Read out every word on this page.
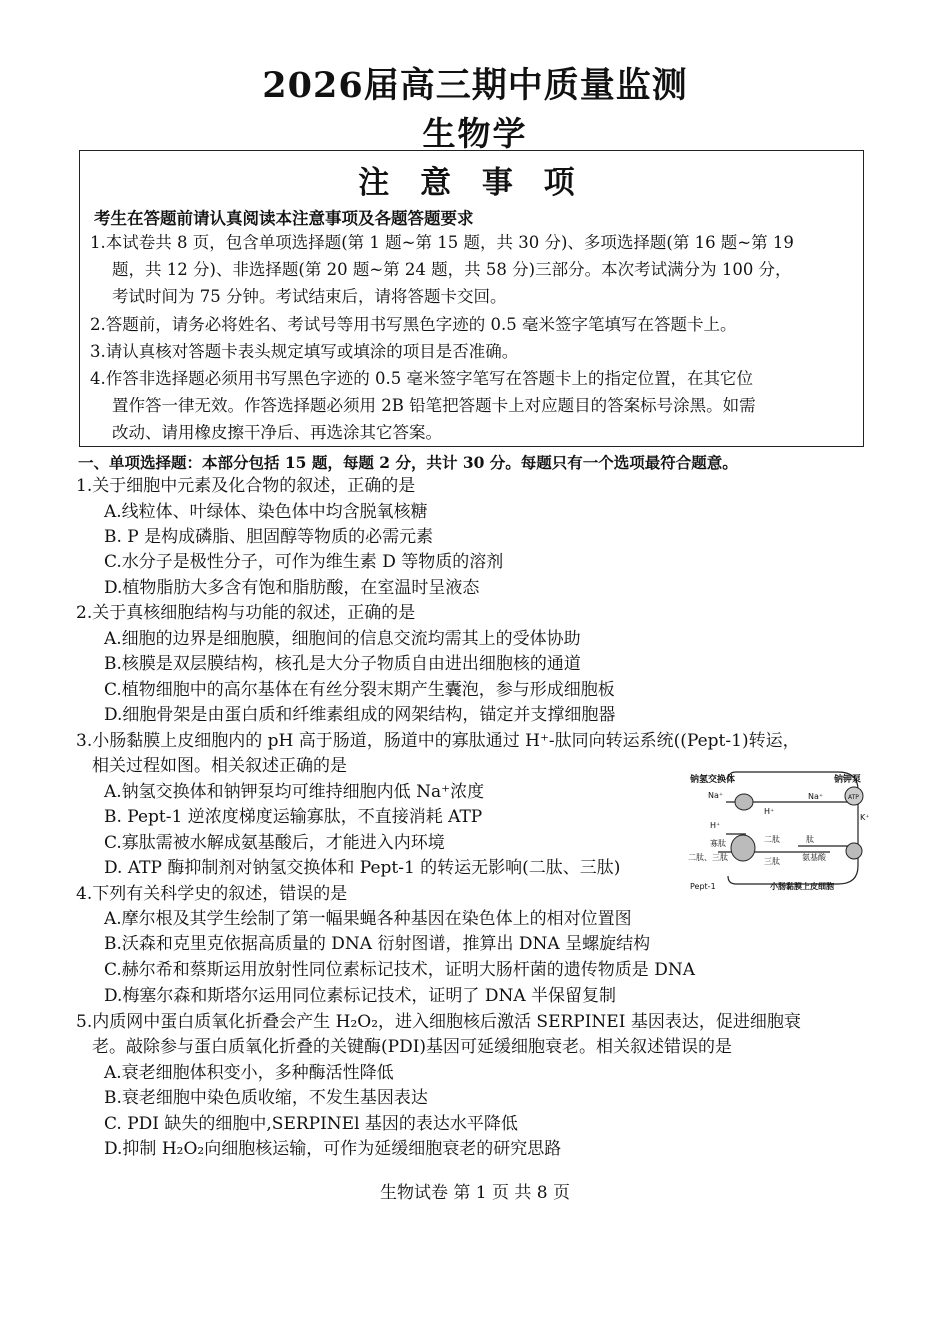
2026届高三期中质量监测
生物学
注 意 事 项
考生在答题前请认真阅读本注意事项及各题答题要求
1.本试卷共 8 页，包含单项选择题(第 1 题~第 15 题，共 30 分)、多项选择题(第 16 题~第 19
题，共 12 分)、非选择题(第 20 题~第 24 题，共 58 分)三部分。本次考试满分为 100 分，
考试时间为 75 分钟。考试结束后，请将答题卡交回。
2.答题前，请务必将姓名、考试号等用书写黑色字迹的 0.5 毫米签字笔填写在答题卡上。
3.请认真核对答题卡表头规定填写或填涂的项目是否准确。
4.作答非选择题必须用书写黑色字迹的 0.5 毫米签字笔写在答题卡上的指定位置，在其它位
置作答一律无效。作答选择题必须用 2B 铅笔把答题卡上对应题目的答案标号涂黑。如需
改动、请用橡皮擦干净后、再选涂其它答案。
一、单项选择题：本部分包括 15 题，每题 2 分，共计 30 分。每题只有一个选项最符合题意。
1.关于细胞中元素及化合物的叙述，正确的是
A.线粒体、叶绿体、染色体中均含脱氧核糖
B. P 是构成磷脂、胆固醇等物质的必需元素
C.水分子是极性分子，可作为维生素 D 等物质的溶剂
D.植物脂肪大多含有饱和脂肪酸，在室温时呈液态
2.关于真核细胞结构与功能的叙述，正确的是
A.细胞的边界是细胞膜，细胞间的信息交流均需其上的受体协助
B.核膜是双层膜结构，核孔是大分子物质自由进出细胞核的通道
C.植物细胞中的高尔基体在有丝分裂末期产生囊泡，参与形成细胞板
D.细胞骨架是由蛋白质和纤维素组成的网架结构，锚定并支撑细胞器
3.小肠黏膜上皮细胞内的 pH 高于肠道，肠道中的寡肽通过 H⁺-肽同向转运系统((Pept-1)转运，
相关过程如图。相关叙述正确的是
A.钠氢交换体和钠钾泵均可维持细胞内低 Na⁺浓度
B. Pept-1 逆浓度梯度运输寡肽，不直接消耗 ATP
C.寡肽需被水解成氨基酸后，才能进入内环境
D. ATP 酶抑制剂对钠氢交换体和 Pept-1 的转运无影响(二肽、三肽)
钠氢交换体	钠钾泵
Na⁺	Na⁺
H⁺
H⁺
ATP
K⁺
寡肽
二肽、三肽
二肽
三肽
肽
氨基酸
小肠黏膜上皮细胞
Pept-1
4.下列有关科学史的叙述，错误的是
A.摩尔根及其学生绘制了第一幅果蝇各种基因在染色体上的相对位置图
B.沃森和克里克依据高质量的 DNA 衍射图谱，推算出 DNA 呈螺旋结构
C.赫尔希和蔡斯运用放射性同位素标记技术，证明大肠杆菌的遗传物质是 DNA
D.梅塞尔森和斯塔尔运用同位素标记技术，证明了 DNA 半保留复制
5.内质网中蛋白质氧化折叠会产生 H₂O₂，进入细胞核后激活 SERPINEI 基因表达，促进细胞衰
老。敲除参与蛋白质氧化折叠的关键酶(PDI)基因可延缓细胞衰老。相关叙述错误的是
A.衰老细胞体积变小，多种酶活性降低
B.衰老细胞中染色质收缩，不发生基因表达
C. PDI 缺失的细胞中,SERPINEl 基因的表达水平降低
D.抑制 H₂O₂向细胞核运输，可作为延缓细胞衰老的研究思路
生物试卷 第 1 页 共 8 页
